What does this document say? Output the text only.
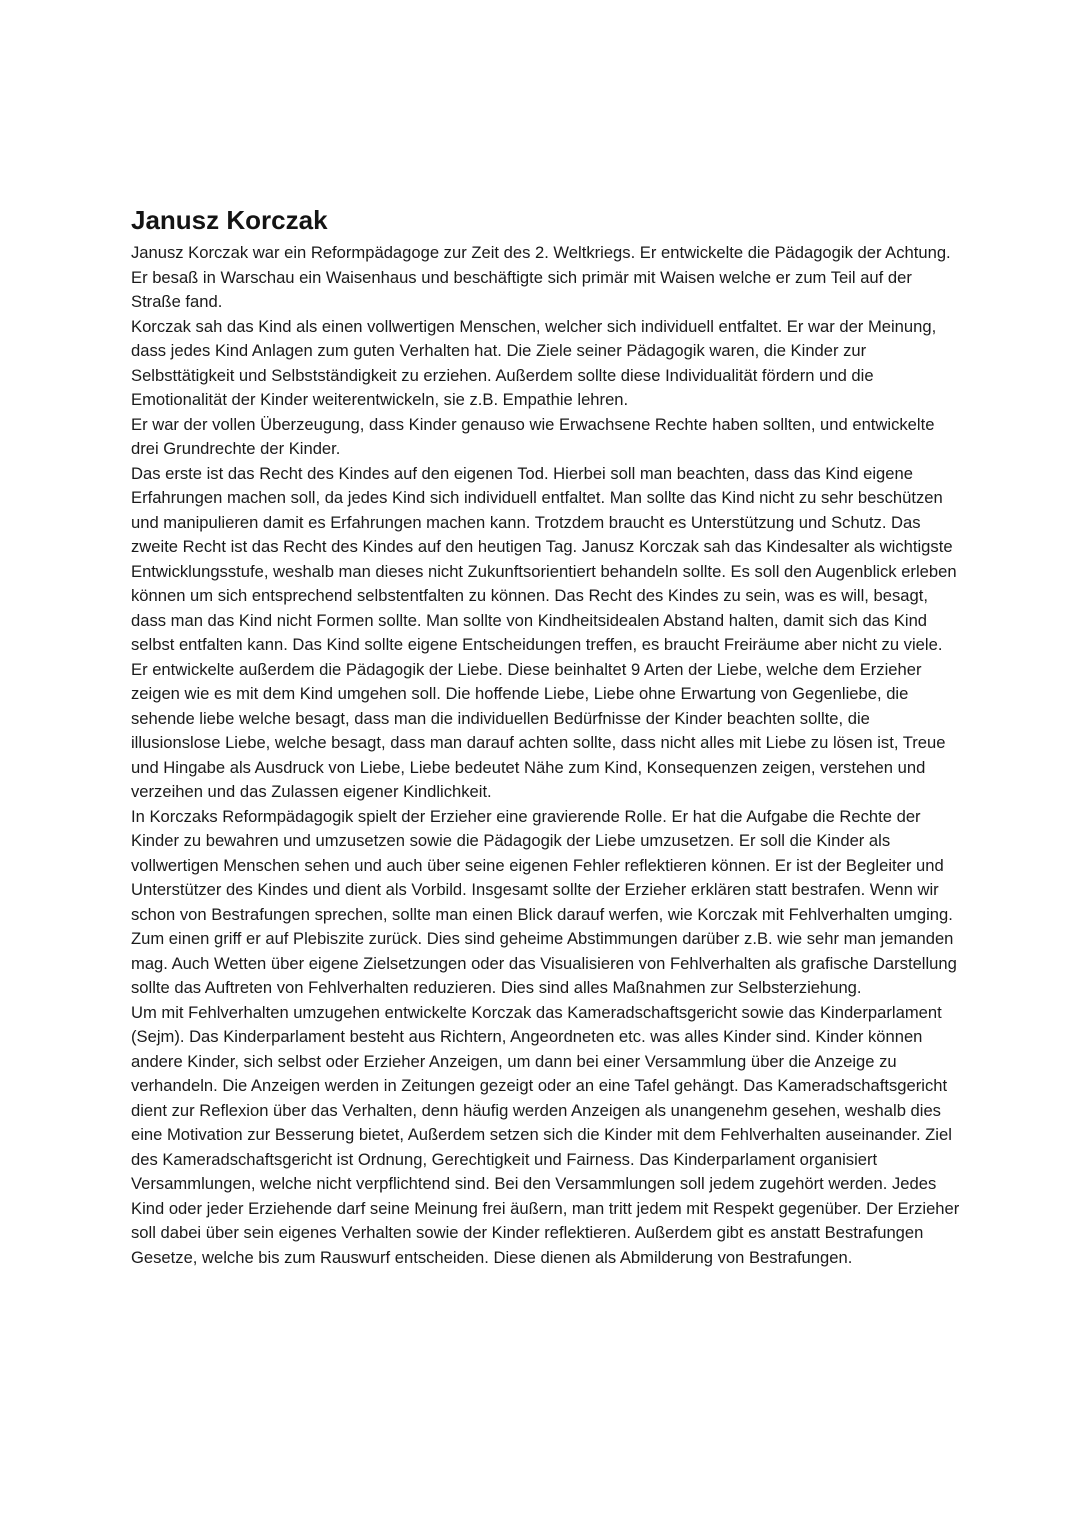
Janusz Korczak

Janusz Korczak war ein Reformpädagoge zur Zeit des 2. Weltkriegs. Er entwickelte die Pädagogik der Achtung. Er besaß in Warschau ein Waisenhaus und beschäftigte sich primär mit Waisen welche er zum Teil auf der Straße fand.

Korczak sah das Kind als einen vollwertigen Menschen, welcher sich individuell entfaltet. Er war der Meinung, dass jedes Kind Anlagen zum guten Verhalten hat. Die Ziele seiner Pädagogik waren, die Kinder zur Selbsttätigkeit und Selbstständigkeit zu erziehen. Außerdem sollte diese Individualität fördern und die Emotionalität der Kinder weiterentwickeln, sie z.B. Empathie lehren.

Er war der vollen Überzeugung, dass Kinder genauso wie Erwachsene Rechte haben sollten, und entwickelte drei Grundrechte der Kinder.

Das erste ist das Recht des Kindes auf den eigenen Tod. Hierbei soll man beachten, dass das Kind eigene Erfahrungen machen soll, da jedes Kind sich individuell entfaltet. Man sollte das Kind nicht zu sehr beschützen und manipulieren damit es Erfahrungen machen kann. Trotzdem braucht es Unterstützung und Schutz. Das zweite Recht ist das Recht des Kindes auf den heutigen Tag. Janusz Korczak sah das Kindesalter als wichtigste Entwicklungsstufe, weshalb man dieses nicht Zukunftsorientiert behandeln sollte. Es soll den Augenblick erleben können um sich entsprechend selbstentfalten zu können. Das Recht des Kindes zu sein, was es will, besagt, dass man das Kind nicht Formen sollte. Man sollte von Kindheitsidealen Abstand halten, damit sich das Kind selbst entfalten kann. Das Kind sollte eigene Entscheidungen treffen, es braucht Freiräume aber nicht zu viele.

Er entwickelte außerdem die Pädagogik der Liebe. Diese beinhaltet 9 Arten der Liebe, welche dem Erzieher zeigen wie es mit dem Kind umgehen soll. Die hoffende Liebe, Liebe ohne Erwartung von Gegenliebe, die sehende liebe welche besagt, dass man die individuellen Bedürfnisse der Kinder beachten sollte, die illusionslose Liebe, welche besagt, dass man darauf achten sollte, dass nicht alles mit Liebe zu lösen ist, Treue und Hingabe als Ausdruck von Liebe, Liebe bedeutet Nähe zum Kind, Konsequenzen zeigen, verstehen und verzeihen und das Zulassen eigener Kindlichkeit.

In Korczaks Reformpädagogik spielt der Erzieher eine gravierende Rolle. Er hat die Aufgabe die Rechte der Kinder zu bewahren und umzusetzen sowie die Pädagogik der Liebe umzusetzen. Er soll die Kinder als vollwertigen Menschen sehen und auch über seine eigenen Fehler reflektieren können. Er ist der Begleiter und Unterstützer des Kindes und dient als Vorbild. Insgesamt sollte der Erzieher erklären statt bestrafen. Wenn wir schon von Bestrafungen sprechen, sollte man einen Blick darauf werfen, wie Korczak mit Fehlverhalten umging. Zum einen griff er auf Plebiszite zurück. Dies sind geheime Abstimmungen darüber z.B. wie sehr man jemanden mag. Auch Wetten über eigene Zielsetzungen oder das Visualisieren von Fehlverhalten als grafische Darstellung sollte das Auftreten von Fehlverhalten reduzieren. Dies sind alles Maßnahmen zur Selbsterziehung.

Um mit Fehlverhalten umzugehen entwickelte Korczak das Kameradschaftsgericht sowie das Kinderparlament (Sejm). Das Kinderparlament besteht aus Richtern, Angeordneten etc. was alles Kinder sind. Kinder können andere Kinder, sich selbst oder Erzieher Anzeigen, um dann bei einer Versammlung über die Anzeige zu verhandeln. Die Anzeigen werden in Zeitungen gezeigt oder an eine Tafel gehängt. Das Kameradschaftsgericht dient zur Reflexion über das Verhalten, denn häufig werden Anzeigen als unangenehm gesehen, weshalb dies eine Motivation zur Besserung bietet, Außerdem setzen sich die Kinder mit dem Fehlverhalten auseinander. Ziel des Kameradschaftsgericht ist Ordnung, Gerechtigkeit und Fairness. Das Kinderparlament organisiert Versammlungen, welche nicht verpflichtend sind. Bei den Versammlungen soll jedem zugehört werden. Jedes Kind oder jeder Erziehende darf seine Meinung frei äußern, man tritt jedem mit Respekt gegenüber. Der Erzieher soll dabei über sein eigenes Verhalten sowie der Kinder reflektieren. Außerdem gibt es anstatt Bestrafungen Gesetze, welche bis zum Rauswurf entscheiden. Diese dienen als Abmilderung von Bestrafungen.
